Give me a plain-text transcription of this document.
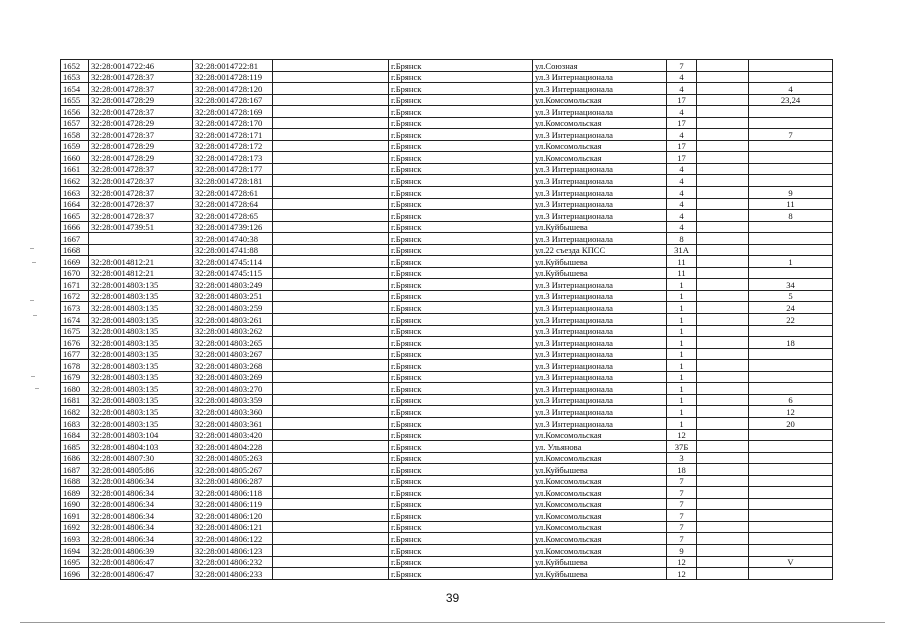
1652	32:28:0014722:46	32:28:0014722:81		г.Брянск	ул.Союзная	7		
1653	32:28:0014728:37	32:28:0014728:119		г.Брянск	ул.3 Интернационала	4		
1654	32:28:0014728:37	32:28:0014728:120		г.Брянск	ул.3 Интернационала	4		4
1655	32:28:0014728:29	32:28:0014728:167		г.Брянск	ул.Комсомольская	17		23,24
1656	32:28:0014728:37	32:28:0014728:169		г.Брянск	ул.3 Интернационала	4		
1657	32:28:0014728:29	32:28:0014728:170		г.Брянск	ул.Комсомольская	17		
1658	32:28:0014728:37	32:28:0014728:171		г.Брянск	ул.3 Интернационала	4		7
1659	32:28:0014728:29	32:28:0014728:172		г.Брянск	ул.Комсомольская	17		
1660	32:28:0014728:29	32:28:0014728:173		г.Брянск	ул.Комсомольская	17		
1661	32:28:0014728:37	32:28:0014728:177		г.Брянск	ул.3 Интернационала	4		
1662	32:28:0014728:37	32:28:0014728:181		г.Брянск	ул.3 Интернационала	4		
1663	32:28:0014728:37	32:28:0014728:61		г.Брянск	ул.3 Интернационала	4		9
1664	32:28:0014728:37	32:28:0014728:64		г.Брянск	ул.3 Интернационала	4		11
1665	32:28:0014728:37	32:28:0014728:65		г.Брянск	ул.3 Интернационала	4		8
1666	32:28:0014739:51	32:28:0014739:126		г.Брянск	ул.Куйбышева	4		
1667		32:28:0014740:38		г.Брянск	ул.3 Интернационала	8		
1668		32:28:0014741:88		г.Брянск	ул.22 съезда КПСС	31А		
1669	32:28:0014812:21	32:28:0014745:114		г.Брянск	ул.Куйбышева	11		1
1670	32:28:0014812:21	32:28:0014745:115		г.Брянск	ул.Куйбышева	11		
1671	32:28:0014803:135	32:28:0014803:249		г.Брянск	ул.3 Интернационала	1		34
1672	32:28:0014803:135	32:28:0014803:251		г.Брянск	ул.3 Интернационала	1		5
1673	32:28:0014803:135	32:28:0014803:259		г.Брянск	ул.3 Интернационала	1		24
1674	32:28:0014803:135	32:28:0014803:261		г.Брянск	ул.3 Интернационала	1		22
1675	32:28:0014803:135	32:28:0014803:262		г.Брянск	ул.3 Интернационала	1		
1676	32:28:0014803:135	32:28:0014803:265		г.Брянск	ул.3 Интернационала	1		18
1677	32:28:0014803:135	32:28:0014803:267		г.Брянск	ул.3 Интернационала	1		
1678	32:28:0014803:135	32:28:0014803:268		г.Брянск	ул.3 Интернационала	1		
1679	32:28:0014803:135	32:28:0014803:269		г.Брянск	ул.3 Интернационала	1		
1680	32:28:0014803:135	32:28:0014803:270		г.Брянск	ул.3 Интернационала	1		
1681	32:28:0014803:135	32:28:0014803:359		г.Брянск	ул.3 Интернационала	1		6
1682	32:28:0014803:135	32:28:0014803:360		г.Брянск	ул.3 Интернационала	1		12
1683	32:28:0014803:135	32:28:0014803:361		г.Брянск	ул.3 Интернационала	1		20
1684	32:28:0014803:104	32:28:0014803:420		г.Брянск	ул.Комсомольская	12		
1685	32:28:0014804:103	32:28:0014804:228		г.Брянск	ул. Ульянова	37Б		
1686	32:28:0014807:30	32:28:0014805:263		г.Брянск	ул.Комсомольская	3		
1687	32:28:0014805:86	32:28:0014805:267		г.Брянск	ул.Куйбышева	18		
1688	32:28:0014806:34	32:28:0014806:287		г.Брянск	ул.Комсомольская	7		
1689	32:28:0014806:34	32:28:0014806:118		г.Брянск	ул.Комсомольская	7		
1690	32:28:0014806:34	32:28:0014806:119		г.Брянск	ул.Комсомольская	7		
1691	32:28:0014806:34	32:28:0014806:120		г.Брянск	ул.Комсомольская	7		
1692	32:28:0014806:34	32:28:0014806:121		г.Брянск	ул.Комсомольская	7		
1693	32:28:0014806:34	32:28:0014806:122		г.Брянск	ул.Комсомольская	7		
1694	32:28:0014806:39	32:28:0014806:123		г.Брянск	ул.Комсомольская	9		
1695	32:28:0014806:47	32:28:0014806:232		г.Брянск	ул.Куйбышева	12		V
1696	32:28:0014806:47	32:28:0014806:233		г.Брянск	ул.Куйбышева	12		
39
